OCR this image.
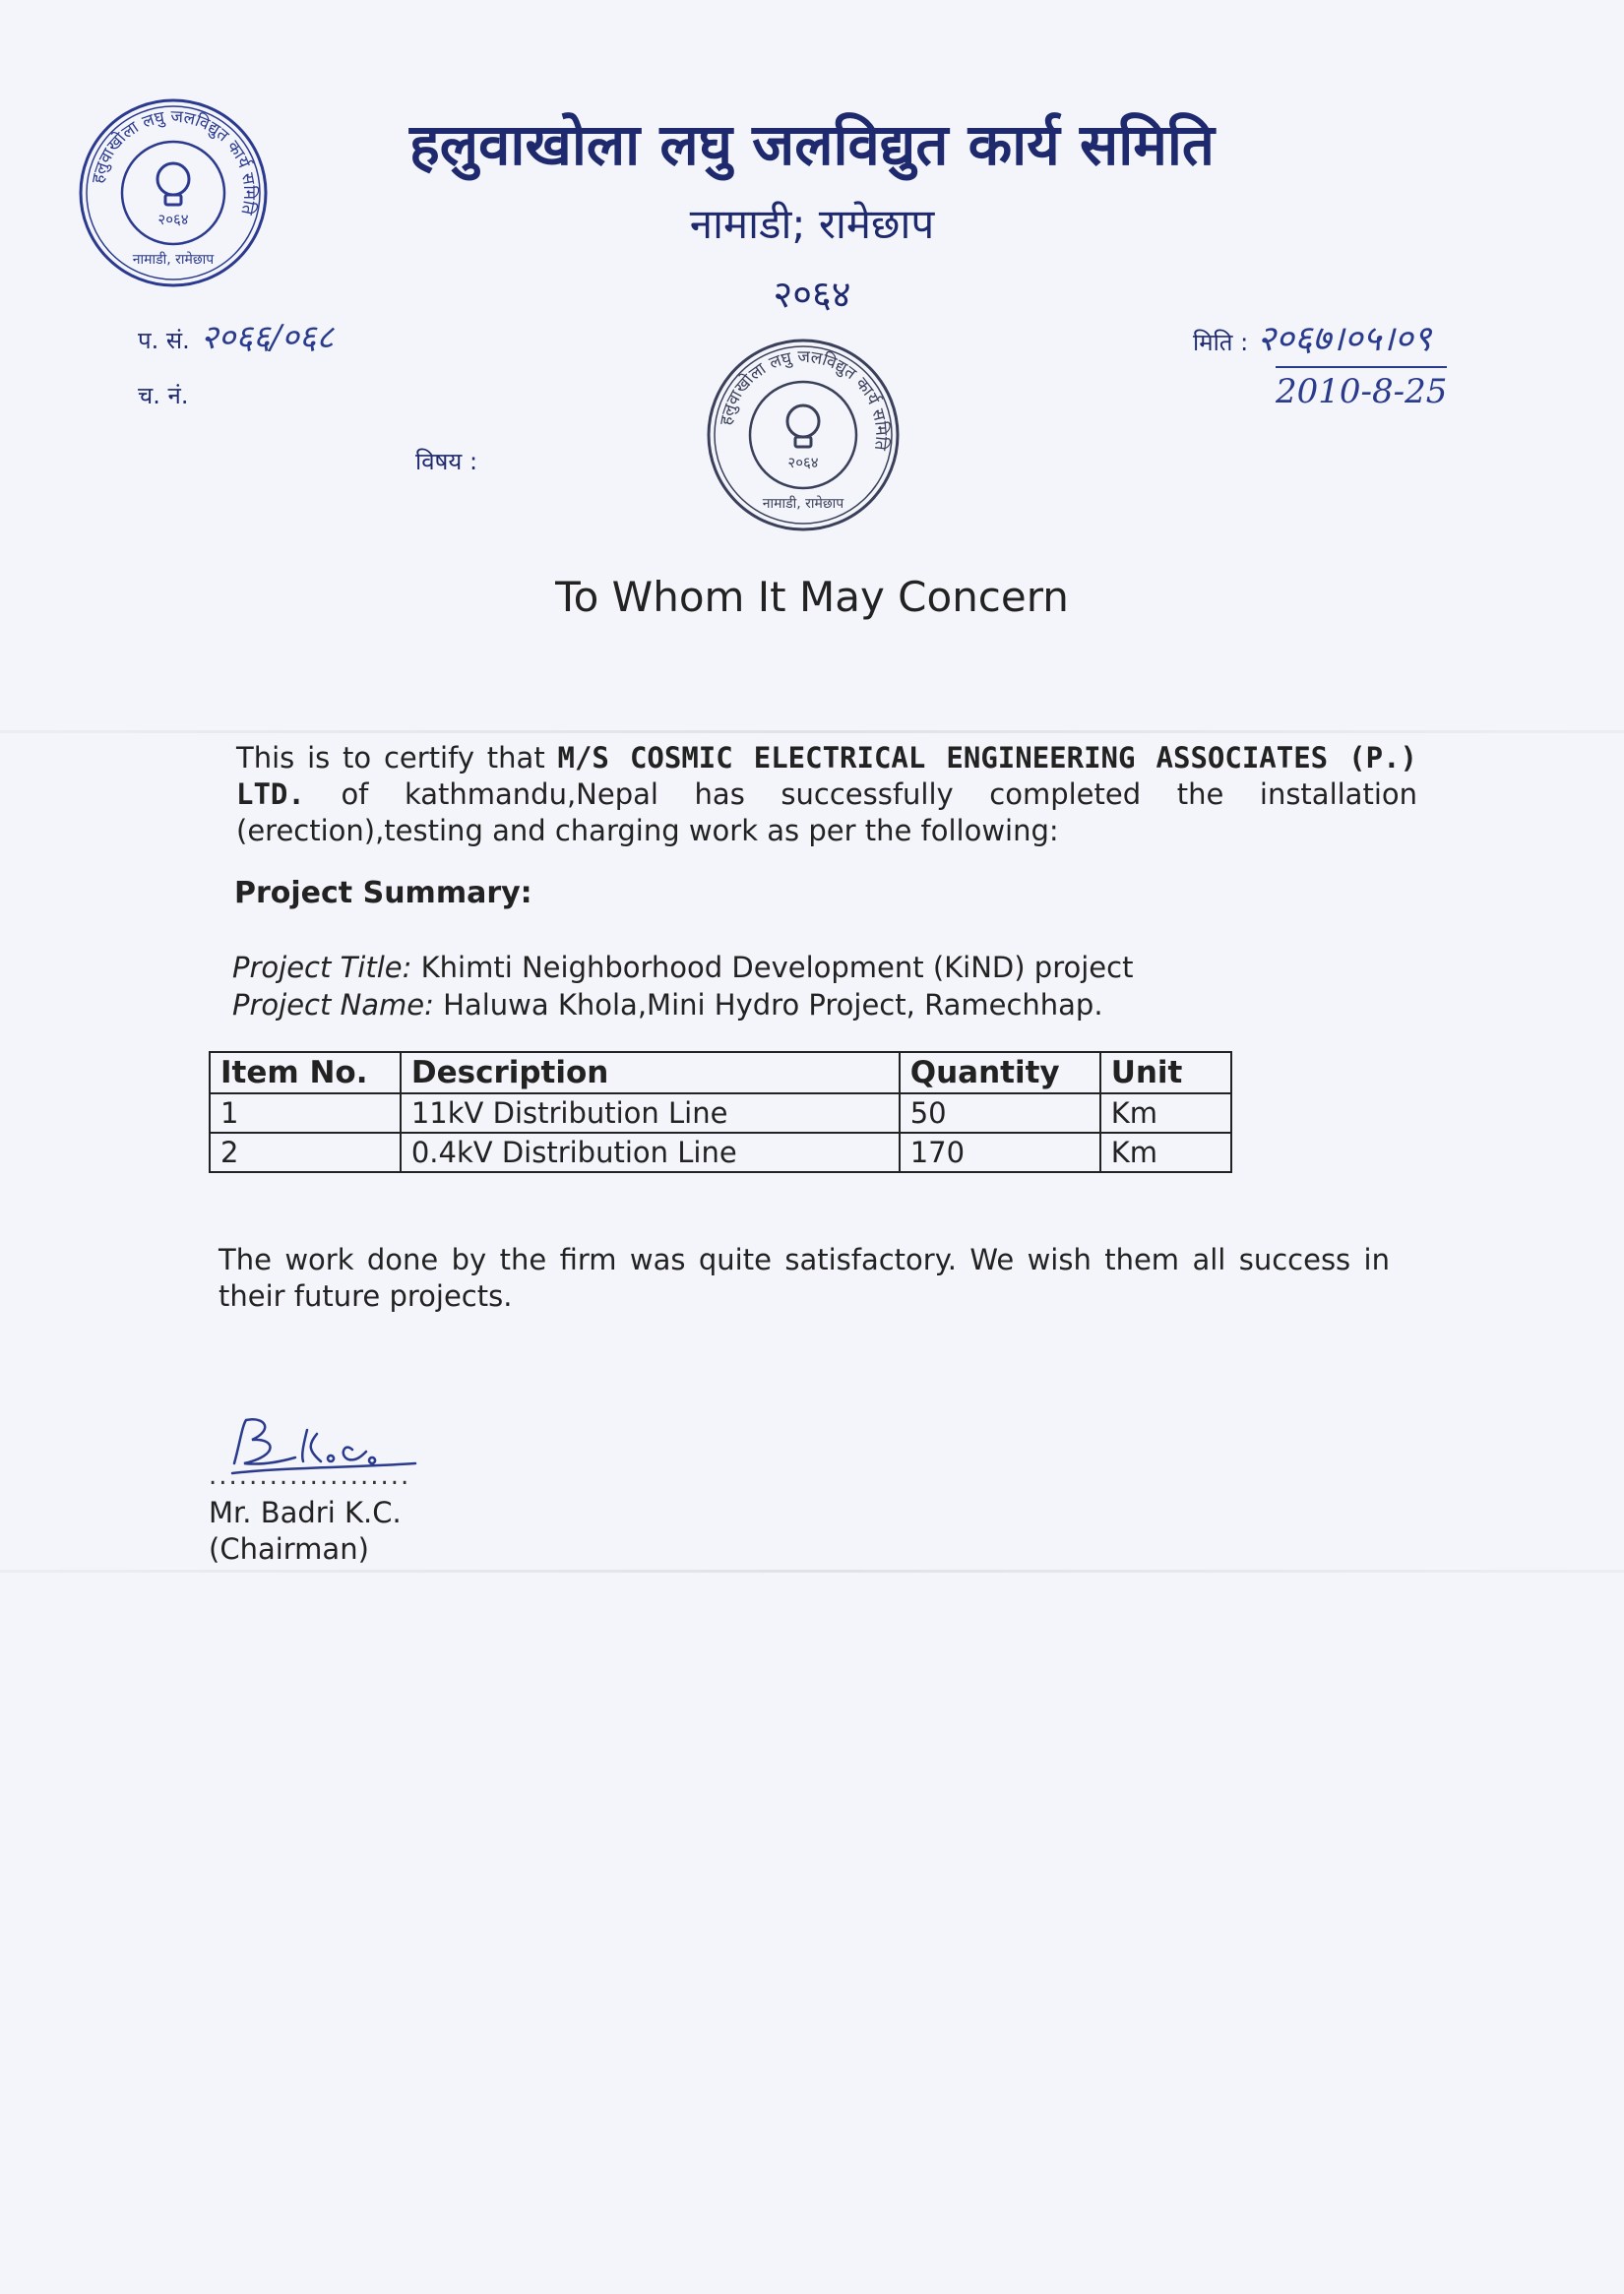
हलुवाखोला लघु जलविद्युत कार्य समिति
२०६४
नामाडी, रामेछाप
हलुवाखोला लघु जलविद्युत कार्य समिति
नामाडी; रामेछाप
२०६४
प. सं. २०६६/०६८
च. नं.
मिति : २०६७।०५।०९
2010-8-25
विषय :
हलुवाखोला लघु जलविद्युत कार्य समिति
२०६४
नामाडी, रामेछाप
To Whom It May Concern
This is to certify that M/S COSMIC ELECTRICAL ENGINEERING ASSOCIATES (P.) LTD. of kathmandu,Nepal has successfully completed the installation (erection),testing and charging work as per the following:
Project Summary:
Project Title: Khimti Neighborhood Development (KiND) project
Project Name: Haluwa Khola,Mini Hydro Project, Ramechhap.
Item No.	Description	Quantity	Unit
1	11kV Distribution Line	50	Km
2	0.4kV Distribution Line	170	Km
The work done by the firm was quite satisfactory. We wish them all success in their future projects.
....................
Mr. Badri K.C.
(Chairman)
